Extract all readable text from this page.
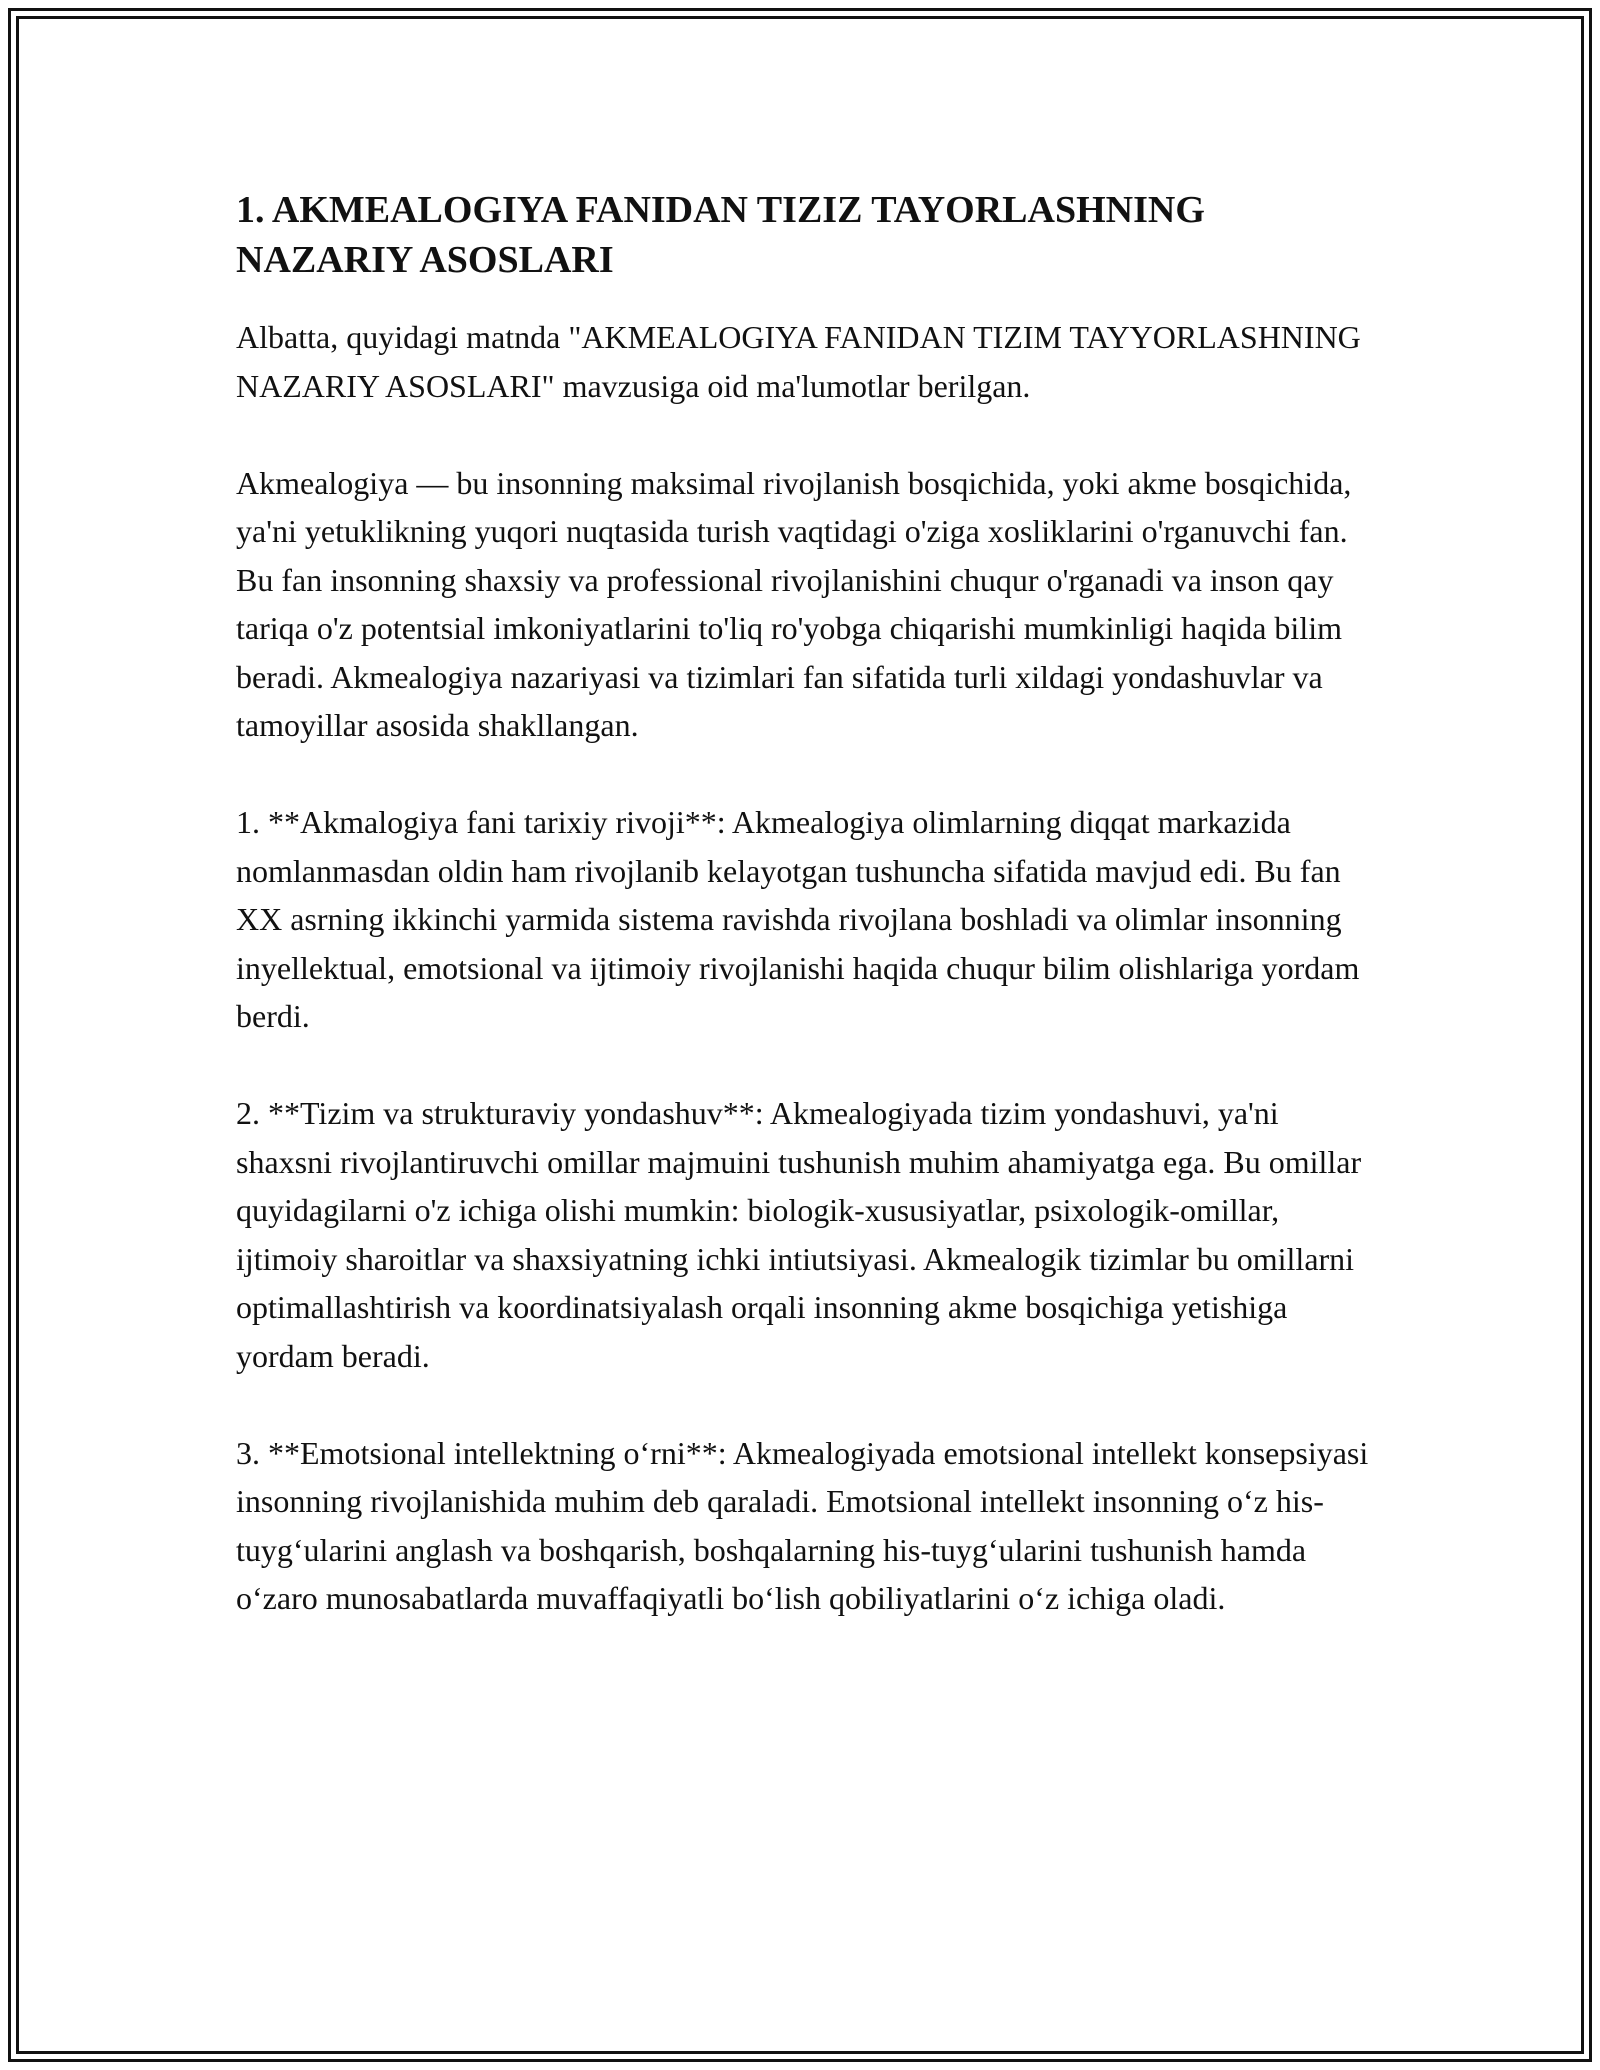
1. AKMEALOGIYA FANIDAN TIZIZ TAYORLASHNING NAZARIY ASOSLARI

Albatta, quyidagi matnda "AKMEALOGIYA FANIDAN TIZIM TAYYORLASHNING NAZARIY ASOSLARI" mavzusiga oid ma'lumotlar berilgan.

Akmealogiya — bu insonning maksimal rivojlanish bosqichida, yoki akme bosqichida, ya'ni yetuklikning yuqori nuqtasida turish vaqtidagi o'ziga xosliklarini o'rganuvchi fan. Bu fan insonning shaxsiy va professional rivojlanishini chuqur o'rganadi va inson qay tariqa o'z potentsial imkoniyatlarini to'liq ro'yobga chiqarishi mumkinligi haqida bilim beradi. Akmealogiya nazariyasi va tizimlari fan sifatida turli xildagi yondashuvlar va tamoyillar asosida shakllangan.

1. **Akmalogiya fani tarixiy rivoji**: Akmealogiya olimlarning diqqat markazida nomlanmasdan oldin ham rivojlanib kelayotgan tushuncha sifatida mavjud edi. Bu fan XX asrning ikkinchi yarmida sistema ravishda rivojlana boshladi va olimlar insonning inyellektual, emotsional va ijtimoiy rivojlanishi haqida chuqur bilim olishlariga yordam berdi.

2. **Tizim va strukturaviy yondashuv**: Akmealogiyada tizim yondashuvi, ya'ni shaxsni rivojlantiruvchi omillar majmuini tushunish muhim ahamiyatga ega. Bu omillar quyidagilarni o'z ichiga olishi mumkin: biologik-xususiyatlar, psixologik-omillar, ijtimoiy sharoitlar va shaxsiyatning ichki intiutsiyasi. Akmealogik tizimlar bu omillarni optimallashtirish va koordinatsiyalash orqali insonning akme bosqichiga yetishiga yordam beradi.

3. **Emotsional intellektning o‘rni**: Akmealogiyada emotsional intellekt konsepsiyasi insonning rivojlanishida muhim deb qaraladi. Emotsional intellekt insonning o‘z his-tuyg‘ularini anglash va boshqarish, boshqalarning his-tuyg‘ularini tushunish hamda o‘zaro munosabatlarda muvaffaqiyatli bo‘lish qobiliyatlarini o‘z ichiga oladi.
